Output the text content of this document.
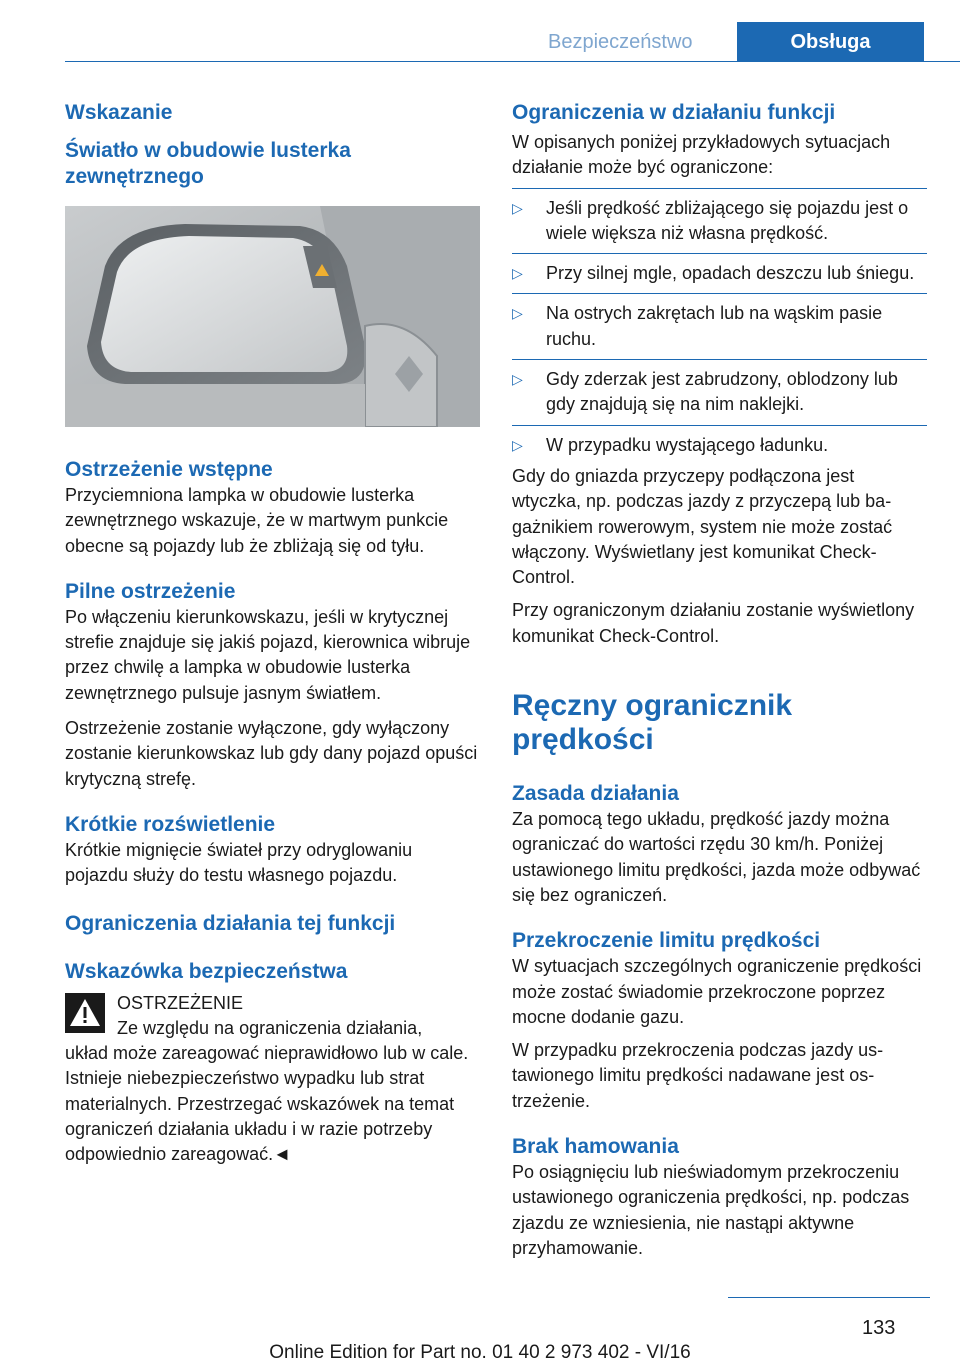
Bezpieczeństwo	Obsługa
Wskazanie
Światło w obudowie lusterka zewnętrznego
Ostrzeżenie wstępne

Przyciemniona lampka w obudowie lusterka zewnętrznego wskazuje, że w martwym punkcie obecne są pojazdy lub że zbliżają się od tyłu.

Pilne ostrzeżenie

Po włączeniu kierunkowskazu, jeśli w krytycznej strefie znajduje się jakiś pojazd, kierownica wibruje przez chwilę a lampka w obudowie lusterka zewnętrznego pulsuje jasnym światłem.

Ostrzeżenie zostanie wyłączone, gdy wyłączony zostanie kierunkowskaz lub gdy dany pojazd opuści krytyczną strefę.

Krótkie rozświetlenie

Krótkie mignięcie świateł przy odryglowaniu pojazdu służy do testu własnego pojazdu.

Ograniczenia działania tej funkcji
Wskazówka bezpieczeństwa

OSTRZEŻENIE

Ze względu na ograniczenia działania,

układ może zareagować nieprawidłowo lub w cale. Istnieje niebezpieczeństwo wypadku lub strat materialnych. Przestrzegać wskazówek na temat ograniczeń działania układu i w razie potrzeby odpowiednio zareagować.◄

Ograniczenia w działaniu funkcji

W opisanych poniżej przykładowych sytuacjach działanie może być ograniczone:

▷ Jeśli prędkość zbliżającego się pojazdu jest o wiele większa niż własna prędkość.
▷ Przy silnej mgle, opadach deszczu lub śniegu.
▷ Na ostrych zakrętach lub na wąskim pasie ruchu.
▷ Gdy zderzak jest zabrudzony, oblodzony lub gdy znajdują się na nim naklejki.
▷ W przypadku wystającego ładunku.

Gdy do gniazda przyczepy podłączona jest wtyczka, np. podczas jazdy z przyczepą lub bagażnikiem rowerowym, system nie może zostać włączony. Wyświetlany jest komunikat Check-Control.

Przy ograniczonym działaniu zostanie wyświetlony komunikat Check-Control.

Ręczny ogranicznik prędkości
Zasada działania

Za pomocą tego układu, prędkość jazdy można ograniczać do wartości rzędu 30 km/h. Poniżej ustawionego limitu prędkości, jazda może odbywać się bez ograniczeń.

Przekroczenie limitu prędkości

W sytuacjach szczególnych ograniczenie prędkości może zostać świadomie przekroczone poprzez mocne dodanie gazu.

W przypadku przekroczenia podczas jazdy ustawionego limitu prędkości nadawane jest ostrzeżenie.

Brak hamowania

Po osiągnięciu lub nieświadomym przekroczeniu ustawionego ograniczenia prędkości, np. podczas zjazdu ze wzniesienia, nie nastąpi aktywne przyhamowanie.

133
Online Edition for Part no. 01 40 2 973 402 - VI/16
